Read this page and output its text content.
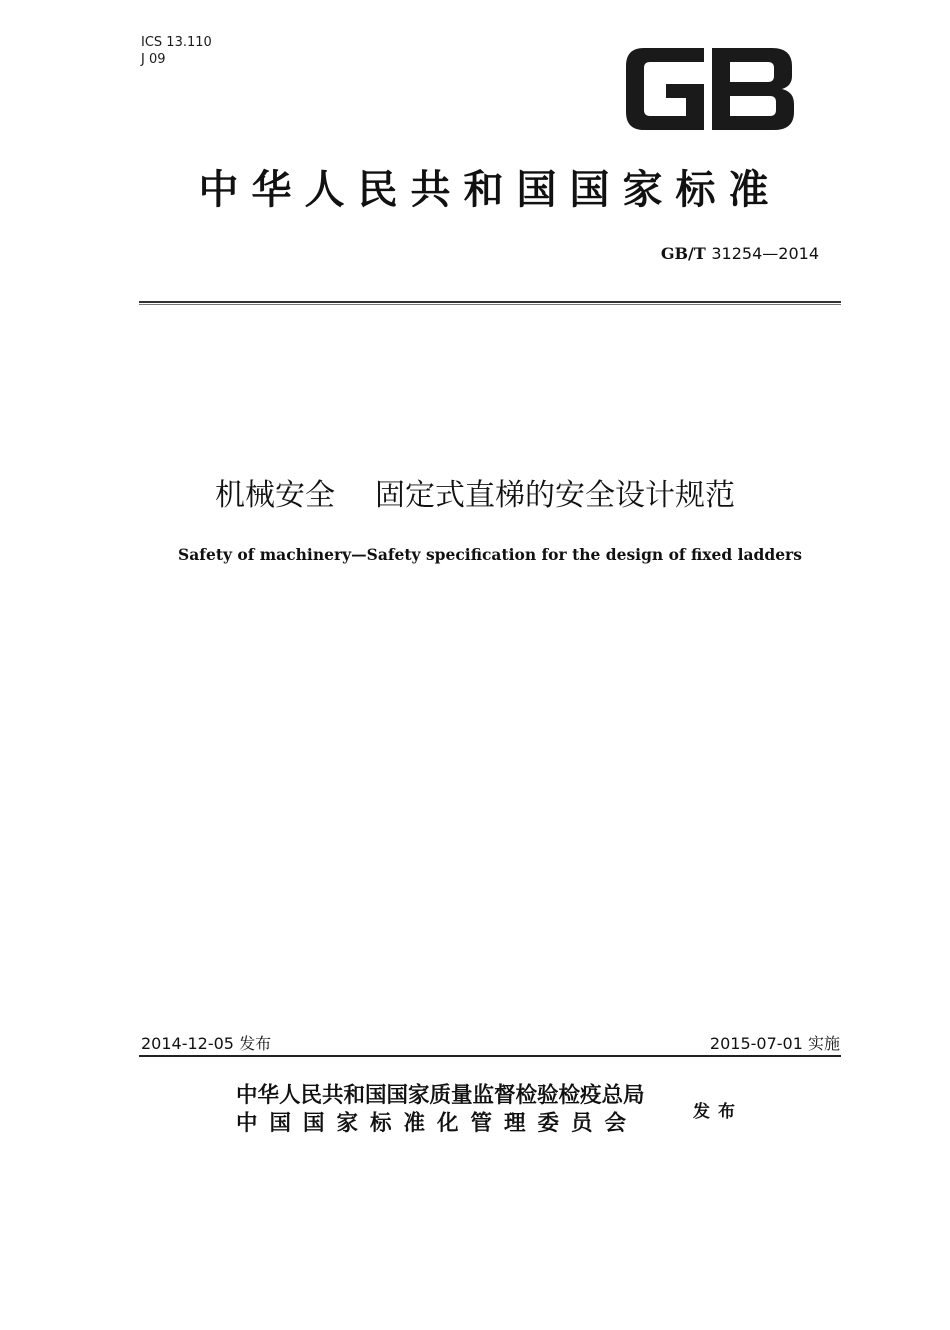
ICS 13.110
J 09
中华人民共和国国家标准
GB/T 31254—2014
机械安全 固定式直梯的安全设计规范
Safety of machinery—Safety specification for the design of fixed ladders
2014-12-05 发布	2015-07-01 实施
中华人民共和国国家质量监督检验检疫总局
中国国家标准化管理委员会	发布
